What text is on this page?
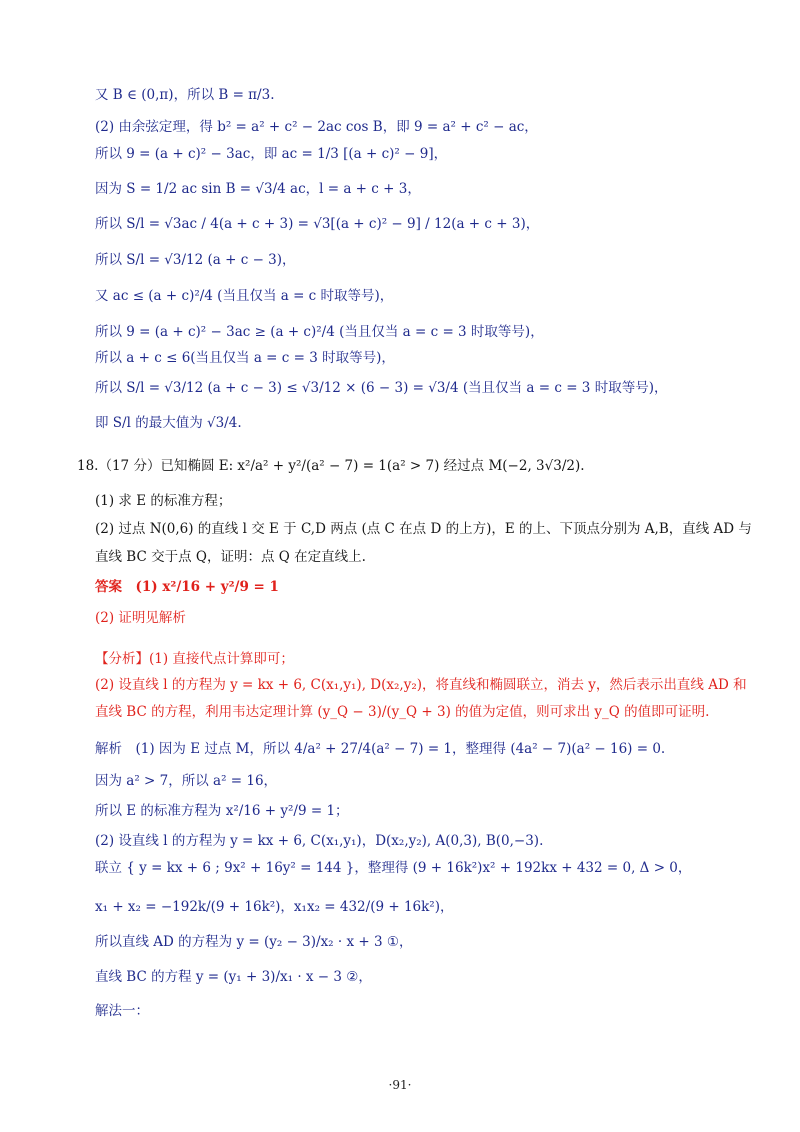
又 B ∈ (0,π)，所以 B = π/3.
(2) 由余弦定理，得 b² = a² + c² − 2ac cos B，即 9 = a² + c² − ac，
所以 9 = (a + c)² − 3ac，即 ac = 1/3 [(a + c)² − 9]，
因为 S = 1/2 ac sin B = √3/4 ac，l = a + c + 3，
所以 S/l = √3ac / 4(a + c + 3) = √3[(a + c)² − 9] / 12(a + c + 3)，
所以 S/l = √3/12 (a + c − 3)，
又 ac ≤ (a + c)²/4 (当且仅当 a = c 时取等号)，
所以 9 = (a + c)² − 3ac ≥ (a + c)²/4 (当且仅当 a = c = 3 时取等号)，
所以 a + c ≤ 6(当且仅当 a = c = 3 时取等号)，
所以 S/l = √3/12 (a + c − 3) ≤ √3/12 × (6 − 3) = √3/4 (当且仅当 a = c = 3 时取等号)，
即 S/l 的最大值为 √3/4.
18.（17 分）已知椭圆 E: x²/a² + y²/(a² − 7) = 1(a² > 7) 经过点 M(−2, 3√3/2).
(1) 求 E 的标准方程；
(2) 过点 N(0,6) 的直线 l 交 E 于 C,D 两点 (点 C 在点 D 的上方)，E 的上、下顶点分别为 A,B，直线 AD 与
直线 BC 交于点 Q，证明：点 Q 在定直线上.
答案　(1) x²/16 + y²/9 = 1
(2) 证明见解析
【分析】(1) 直接代点计算即可；
(2) 设直线 l 的方程为 y = kx + 6, C(x₁,y₁), D(x₂,y₂)，将直线和椭圆联立，消去 y，然后表示出直线 AD 和
直线 BC 的方程，利用韦达定理计算 (y_Q − 3)/(y_Q + 3) 的值为定值，则可求出 y_Q 的值即可证明.
解析　(1) 因为 E 过点 M，所以 4/a² + 27/4(a² − 7) = 1，整理得 (4a² − 7)(a² − 16) = 0.
因为 a² > 7，所以 a² = 16，
所以 E 的标准方程为 x²/16 + y²/9 = 1；
(2) 设直线 l 的方程为 y = kx + 6, C(x₁,y₁)，D(x₂,y₂), A(0,3), B(0,−3).
联立 { y = kx + 6 ; 9x² + 16y² = 144 }，整理得 (9 + 16k²)x² + 192kx + 432 = 0, Δ > 0，
x₁ + x₂ = −192k/(9 + 16k²)，x₁x₂ = 432/(9 + 16k²)，
所以直线 AD 的方程为 y = (y₂ − 3)/x₂ · x + 3 ①，
直线 BC 的方程 y = (y₁ + 3)/x₁ · x − 3 ②，
解法一：
·91·
